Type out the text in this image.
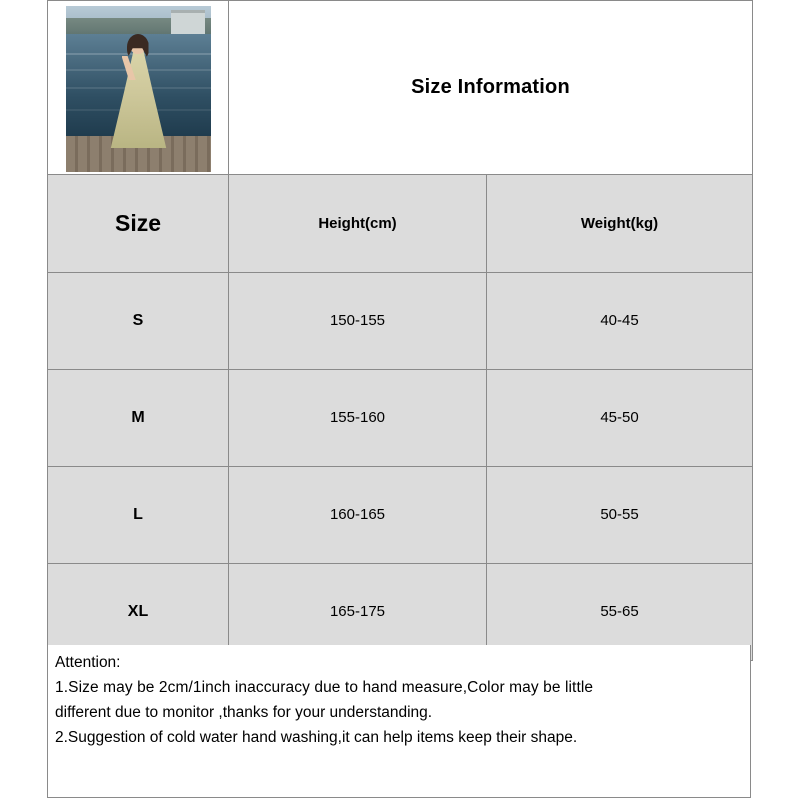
	Size Information	

Size	Height(cm)	Weight(kg)
S	150-155	40-45
M	155-160	45-50
L	160-165	50-55
XL	165-175	55-65

Attention:

1.Size may be 2cm/1inch inaccuracy due to hand measure,Color may be little

different due to monitor ,thanks for your understanding.

2.Suggestion of cold water hand washing,it can help items keep their shape.
